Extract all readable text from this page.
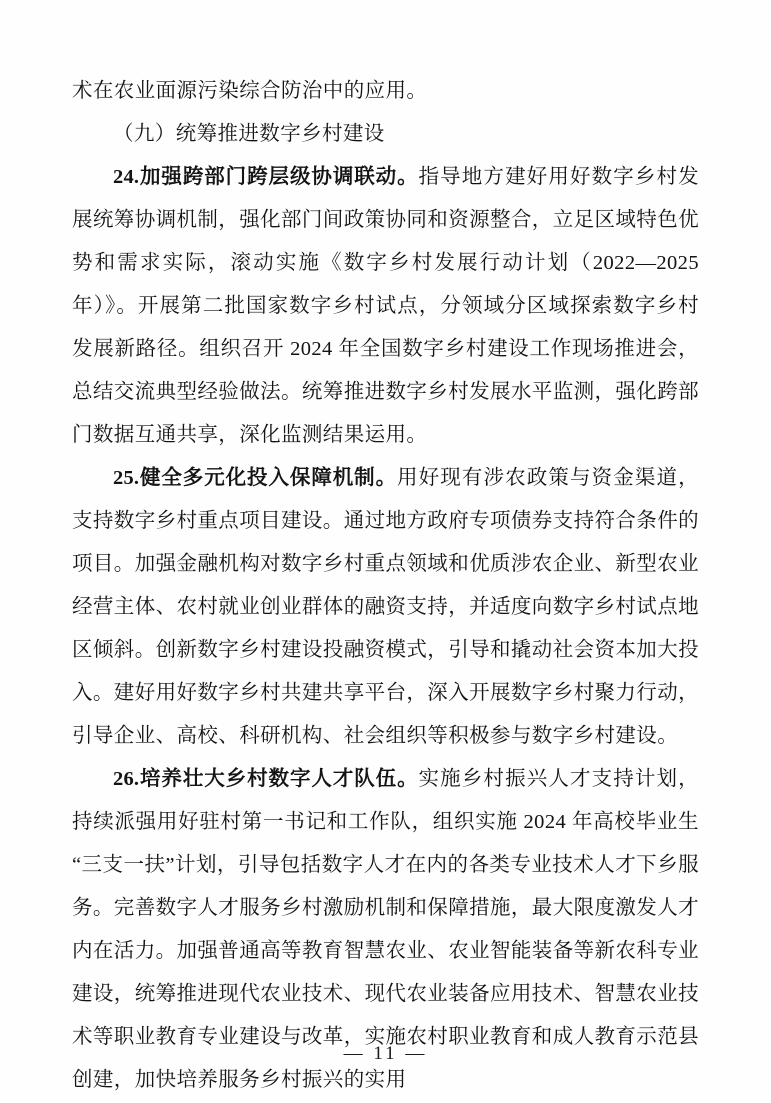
术在农业面源污染综合防治中的应用。

（九）统筹推进数字乡村建设

24.加强跨部门跨层级协调联动。指导地方建好用好数字乡村发展统筹协调机制，强化部门间政策协同和资源整合，立足区域特色优势和需求实际，滚动实施《数字乡村发展行动计划（2022—2025 年）》。开展第二批国家数字乡村试点，分领域分区域探索数字乡村发展新路径。组织召开 2024 年全国数字乡村建设工作现场推进会，总结交流典型经验做法。统筹推进数字乡村发展水平监测，强化跨部门数据互通共享，深化监测结果运用。

25.健全多元化投入保障机制。用好现有涉农政策与资金渠道，支持数字乡村重点项目建设。通过地方政府专项债券支持符合条件的项目。加强金融机构对数字乡村重点领域和优质涉农企业、新型农业经营主体、农村就业创业群体的融资支持，并适度向数字乡村试点地区倾斜。创新数字乡村建设投融资模式，引导和撬动社会资本加大投入。建好用好数字乡村共建共享平台，深入开展数字乡村聚力行动，引导企业、高校、科研机构、社会组织等积极参与数字乡村建设。

26.培养壮大乡村数字人才队伍。实施乡村振兴人才支持计划，持续派强用好驻村第一书记和工作队，组织实施 2024 年高校毕业生“三支一扶”计划，引导包括数字人才在内的各类专业技术人才下乡服务。完善数字人才服务乡村激励机制和保障措施，最大限度激发人才内在活力。加强普通高等教育智慧农业、农业智能装备等新农科专业建设，统筹推进现代农业技术、现代农业装备应用技术、智慧农业技术等职业教育专业建设与改革，实施农村职业教育和成人教育示范县创建，加快培养服务乡村振兴的实用

— 11 —
